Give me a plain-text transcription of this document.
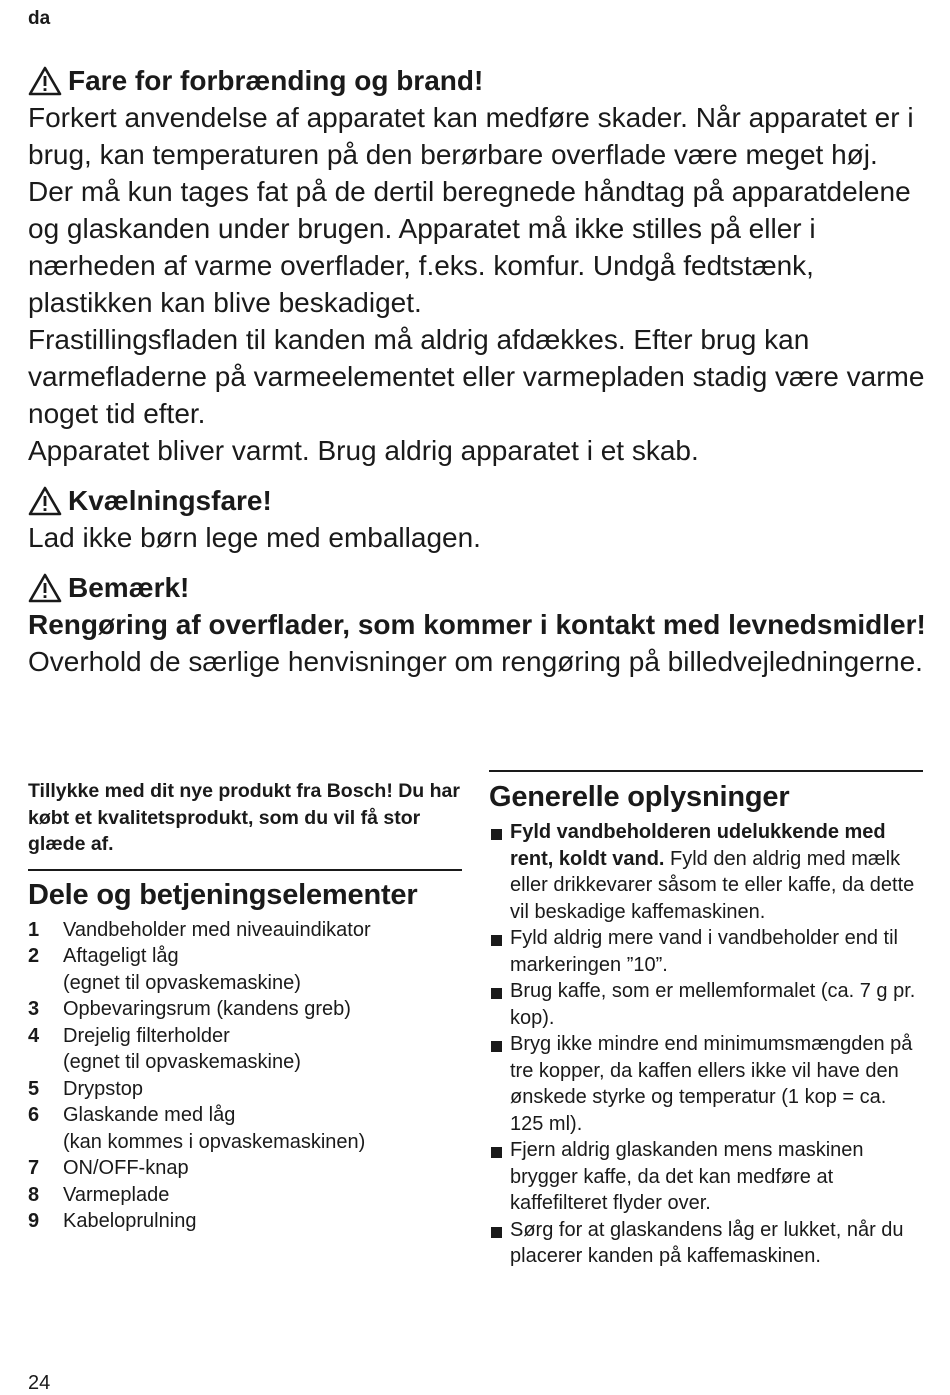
da
Fare for forbrænding og brand!

Forkert anvendelse af apparatet kan medføre skader. Når apparatet er i brug, kan temperaturen på den berørbare overflade være meget høj. Der må kun tages fat på de dertil beregnede håndtag på apparatdelene og glaskanden under brugen. Apparatet må ikke stilles på eller i nærheden af varme overflader, f.eks. komfur. Undgå fedtstænk, plastikken kan blive beskadiget.
Frastillingsfladen til kanden må aldrig afdækkes. Efter brug kan varmefladerne på varmeelementet eller varmepladen stadig være varme noget tid efter.
Apparatet bliver varmt. Brug aldrig apparatet i et skab.

Kvælningsfare!

Lad ikke børn lege med emballagen.

Bemærk!

Rengøring af overflader, som kommer i kontakt med levnedsmidler! Overhold de særlige henvisninger om rengøring på billedvejledningerne.

Tillykke med dit nye produkt fra Bosch! Du har købt et kvalitetsprodukt, som du vil få stor glæde af.

Dele og betjeningselementer
1	Vandbeholder med niveauindikator
2	Aftageligt låg
(egnet til opvaskemaskine)
3	Opbevaringsrum (kandens greb)
4	Drejelig filterholder
(egnet til opvaskemaskine)
5	Drypstop
6	Glaskande med låg
(kan kommes i opvaskemaskinen)
7	ON/OFF-knap
8	Varmeplade
9	Kabeloprulning
Generelle oplysninger
Fyld vandbeholderen udelukkende med rent, koldt vand. Fyld den aldrig med mælk eller drikkevarer såsom te eller kaffe, da dette vil beskadige kaffemaskinen.
Fyld aldrig mere vand i vandbeholder end til markeringen ”10”.
Brug kaffe, som er mellemformalet (ca. 7 g pr. kop).
Bryg ikke mindre end minimumsmængden på tre kopper, da kaffen ellers ikke vil have den ønskede styrke og temperatur (1 kop = ca. 125 ml).
Fjern aldrig glaskanden mens maskinen brygger kaffe, da det kan medføre at kaffefilteret flyder over.
Sørg for at glaskandens låg er lukket, når du placerer kanden på kaffemaskinen.
24
